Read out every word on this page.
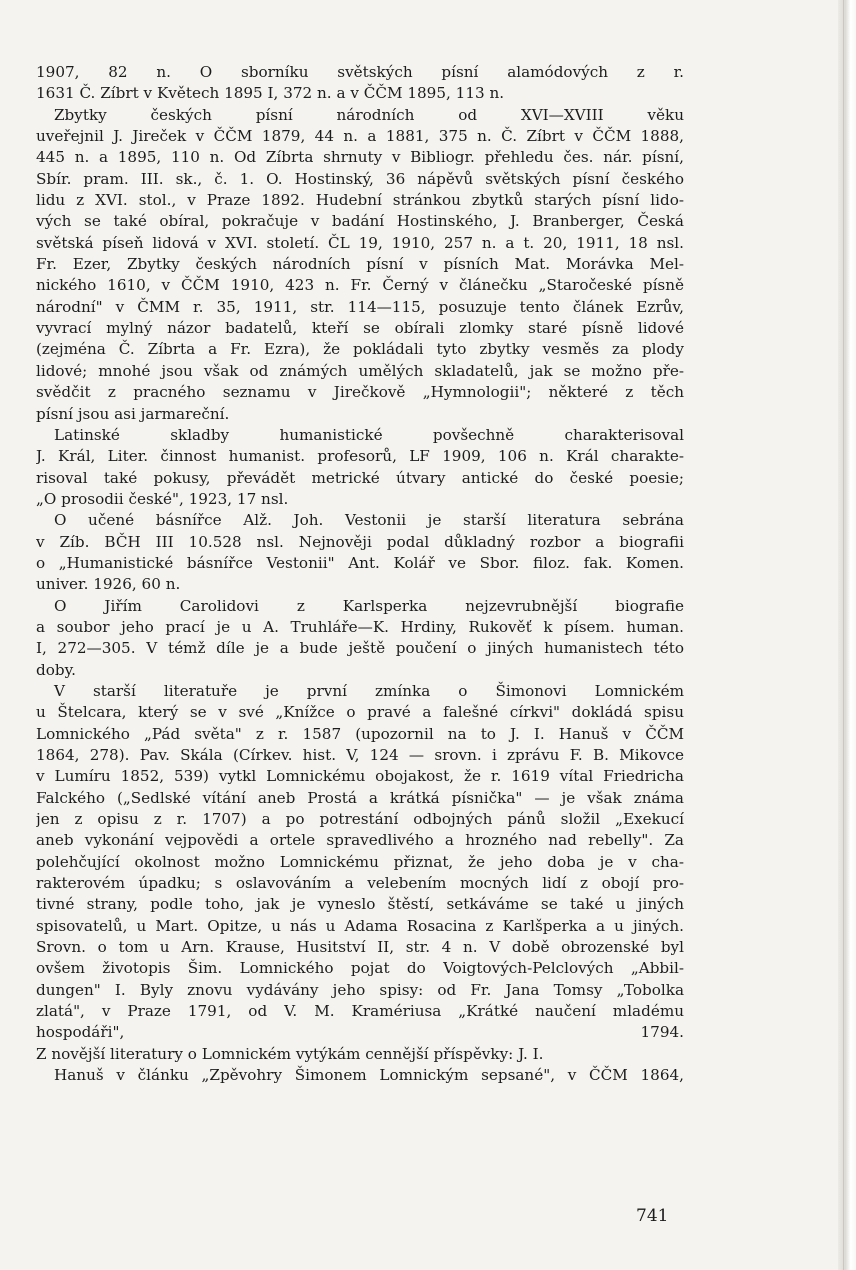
1907, 82 n. O sborníku světských písní alamódových z r.
1631 Č. Zíbrt v Květech 1895 I, 372 n. a v ČČM 1895, 113 n.
Zbytky českých písní národních od XVI—XVIII věku
uveřejnil J. Jireček v ČČM 1879, 44 n. a 1881, 375 n. Č. Zíbrt v ČČM 1888,
445 n. a 1895, 110 n. Od Zíbrta shrnuty v Bibliogr. přehledu čes. nár. písní,
Sbír. pram. III. sk., č. 1. O. Hostinský, 36 nápěvů světských písní českého
lidu z XVI. stol., v Praze 1892. Hudební stránkou zbytků starých písní lido-
vých se také obíral, pokračuje v badání Hostinského, J. Branberger, Česká
světská píseň lidová v XVI. století. ČL 19, 1910, 257 n. a t. 20, 1911, 18 nsl.
Fr. Ezer, Zbytky českých národních písní v písních Mat. Morávka Mel-
nického 1610, v ČČM 1910, 423 n. Fr. Černý v článečku „Staročeské písně
národní" v ČMM r. 35, 1911, str. 114—115, posuzuje tento článek Ezrův,
vyvrací mylný názor badatelů, kteří se obírali zlomky staré písně lidové
(zejména Č. Zíbrta a Fr. Ezra), že pokládali tyto zbytky vesměs za plody
lidové; mnohé jsou však od známých umělých skladatelů, jak se možno pře-
svědčit z pracného seznamu v Jirečkově „Hymnologii"; některé z těch
písní jsou asi jarmareční.
Latinské skladby humanistické povšechně charakterisoval
J. Král, Liter. činnost humanist. profesorů, LF 1909, 106 n. Král charakte-
risoval také pokusy, převádět metrické útvary antické do české poesie;
„O prosodii české", 1923, 17 nsl.
O učené básnířce Alž. Joh. Vestonii je starší literatura sebrána
v Zíb. BČH III 10.528 nsl. Nejnověji podal důkladný rozbor a biografii
o „Humanistické básnířce Vestonii" Ant. Kolář ve Sbor. filoz. fak. Komen.
univer. 1926, 60 n.
O Jiřím Carolidovi z Karlsperka nejzevrubnější biografie
a soubor jeho prací je u A. Truhláře—K. Hrdiny, Rukověť k písem. human.
I, 272—305. V témž díle je a bude ještě poučení o jiných humanistech této
doby.
V starší literatuře je první zmínka o Šimonovi Lomnickém
u Štelcara, který se v své „Knížce o pravé a falešné církvi" dokládá spisu
Lomnického „Pád světa" z r. 1587 (upozornil na to J. I. Hanuš v ČČM
1864, 278). Pav. Skála (Církev. hist. V, 124 — srovn. i zprávu F. B. Mikovce
v Lumíru 1852, 539) vytkl Lomnickému obojakost, že r. 1619 vítal Friedricha
Falckého („Sedlské vítání aneb Prostá a krátká písnička" — je však známa
jen z opisu z r. 1707) a po potrestání odbojných pánů složil „Exekucí
aneb vykonání vejpovědi a ortele spravedlivého a hrozného nad rebelly". Za
polehčující okolnost možno Lomnickému přiznat, že jeho doba je v cha-
rakterovém úpadku; s oslavováním a velebením mocných lidí z obojí pro-
tivné strany, podle toho, jak je vyneslo štěstí, setkáváme se také u jiných
spisovatelů, u Mart. Opitze, u nás u Adama Rosacina z Karlšperka a u jiných.
Srovn. o tom u Arn. Krause, Husitství II, str. 4 n. V době obrozenské byl
ovšem životopis Šim. Lomnického pojat do Voigtových-Pelclových „Abbil-
dungen" I. Byly znovu vydávány jeho spisy: od Fr. Jana Tomsy „Tobolka
zlatá", v Praze 1791, od V. M. Kramériusa „Krátké naučení mladému
hospodáři", 1794.
Z novější literatury o Lomnickém vytýkám cennější příspěvky: J. I.
Hanuš v článku „Zpěvohry Šimonem Lomnickým sepsané", v ČČM 1864,
741
